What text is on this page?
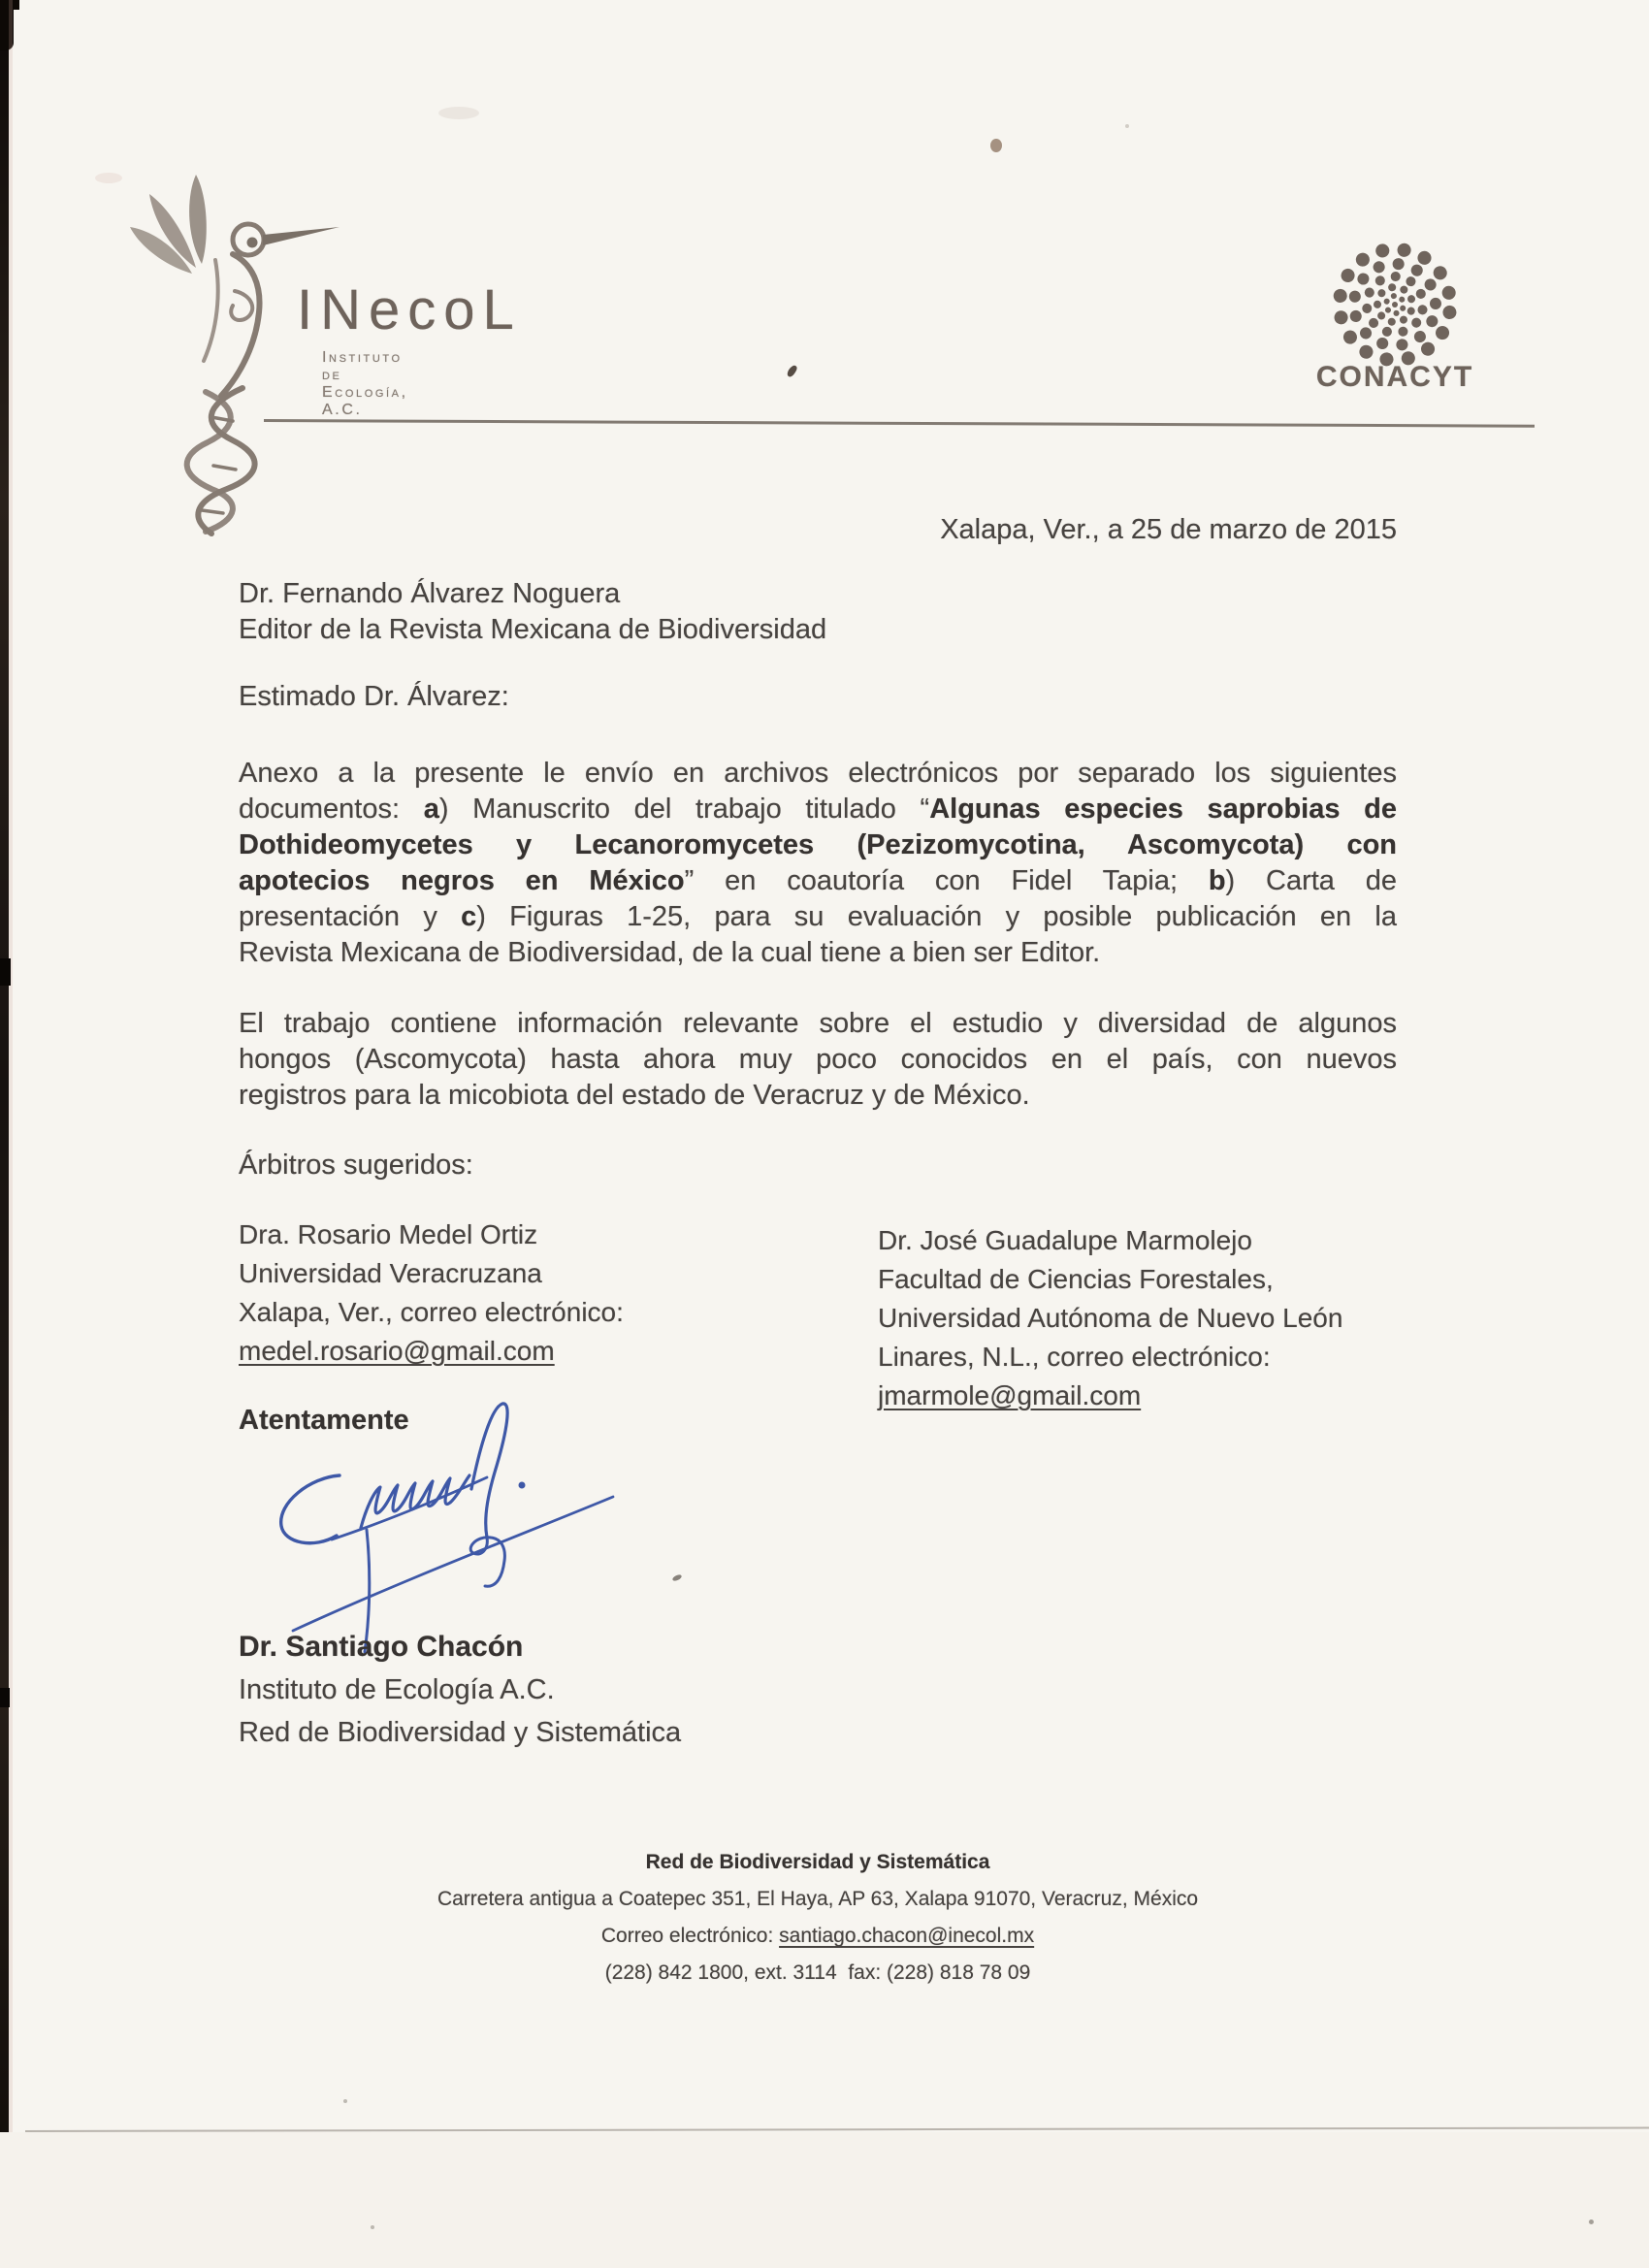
INecoL
Instituto de Ecología, A.C.
CONACYT
Xalapa, Ver., a 25 de marzo de 2015
Dr. Fernando Álvarez Noguera
Editor de la Revista Mexicana de Biodiversidad
Estimado Dr. Álvarez:
Anexo a la presente le envío en archivos electrónicos por separado los siguientes
documentos: a) Manuscrito del trabajo titulado “Algunas especies saprobias de
Dothideomycetes y Lecanoromycetes (Pezizomycotina, Ascomycota) con
apotecios negros en México” en coautoría con Fidel Tapia; b) Carta de
presentación y c) Figuras 1-25, para su evaluación y posible publicación en la
Revista Mexicana de Biodiversidad, de la cual tiene a bien ser Editor.
El trabajo contiene información relevante sobre el estudio y diversidad de algunos
hongos (Ascomycota) hasta ahora muy poco conocidos en el país, con nuevos
registros para la micobiota del estado de Veracruz y de México.
Árbitros sugeridos:
Dra. Rosario Medel Ortiz
Universidad Veracruzana
Xalapa, Ver., correo electrónico:
medel.rosario@gmail.com
Dr. José Guadalupe Marmolejo
Facultad de Ciencias Forestales,
Universidad Autónoma de Nuevo León
Linares, N.L., correo electrónico:
jmarmole@gmail.com
Atentamente
Dr. Santiago Chacón
Instituto de Ecología A.C.
Red de Biodiversidad y Sistemática
Red de Biodiversidad y Sistemática
Carretera antigua a Coatepec 351, El Haya, AP 63, Xalapa 91070, Veracruz, México
Correo electrónico: santiago.chacon@inecol.mx
(228) 842 1800, ext. 3114  fax: (228) 818 78 09
